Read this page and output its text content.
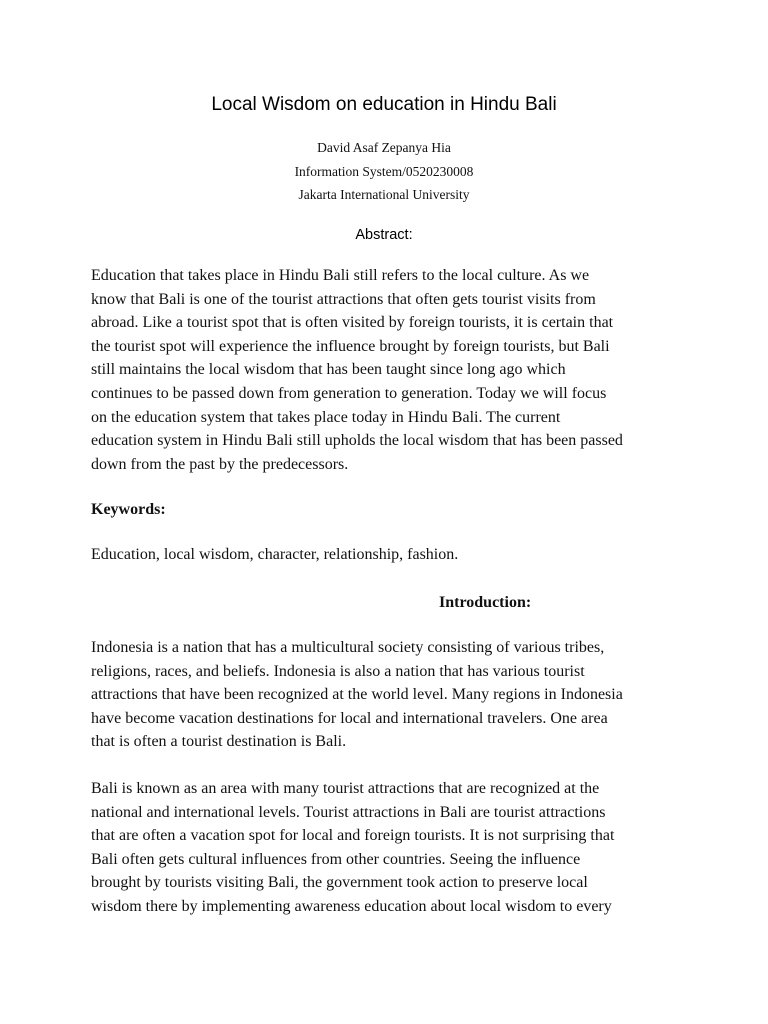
Local Wisdom on education in Hindu Bali
David Asaf Zepanya Hia
Information System/0520230008
Jakarta International University
Abstract:
Education that takes place in Hindu Bali still refers to the local culture. As we
know that Bali is one of the tourist attractions that often gets tourist visits from
abroad. Like a tourist spot that is often visited by foreign tourists, it is certain that
the tourist spot will experience the influence brought by foreign tourists, but Bali
still maintains the local wisdom that has been taught since long ago which
continues to be passed down from generation to generation. Today we will focus
on the education system that takes place today in Hindu Bali. The current
education system in Hindu Bali still upholds the local wisdom that has been passed
down from the past by the predecessors.
Keywords:
Education, local wisdom, character, relationship, fashion.
Introduction:
Indonesia is a nation that has a multicultural society consisting of various tribes,
religions, races, and beliefs. Indonesia is also a nation that has various tourist
attractions that have been recognized at the world level. Many regions in Indonesia
have become vacation destinations for local and international travelers. One area
that is often a tourist destination is Bali.
Bali is known as an area with many tourist attractions that are recognized at the
national and international levels. Tourist attractions in Bali are tourist attractions
that are often a vacation spot for local and foreign tourists. It is not surprising that
Bali often gets cultural influences from other countries. Seeing the influence
brought by tourists visiting Bali, the government took action to preserve local
wisdom there by implementing awareness education about local wisdom to every
